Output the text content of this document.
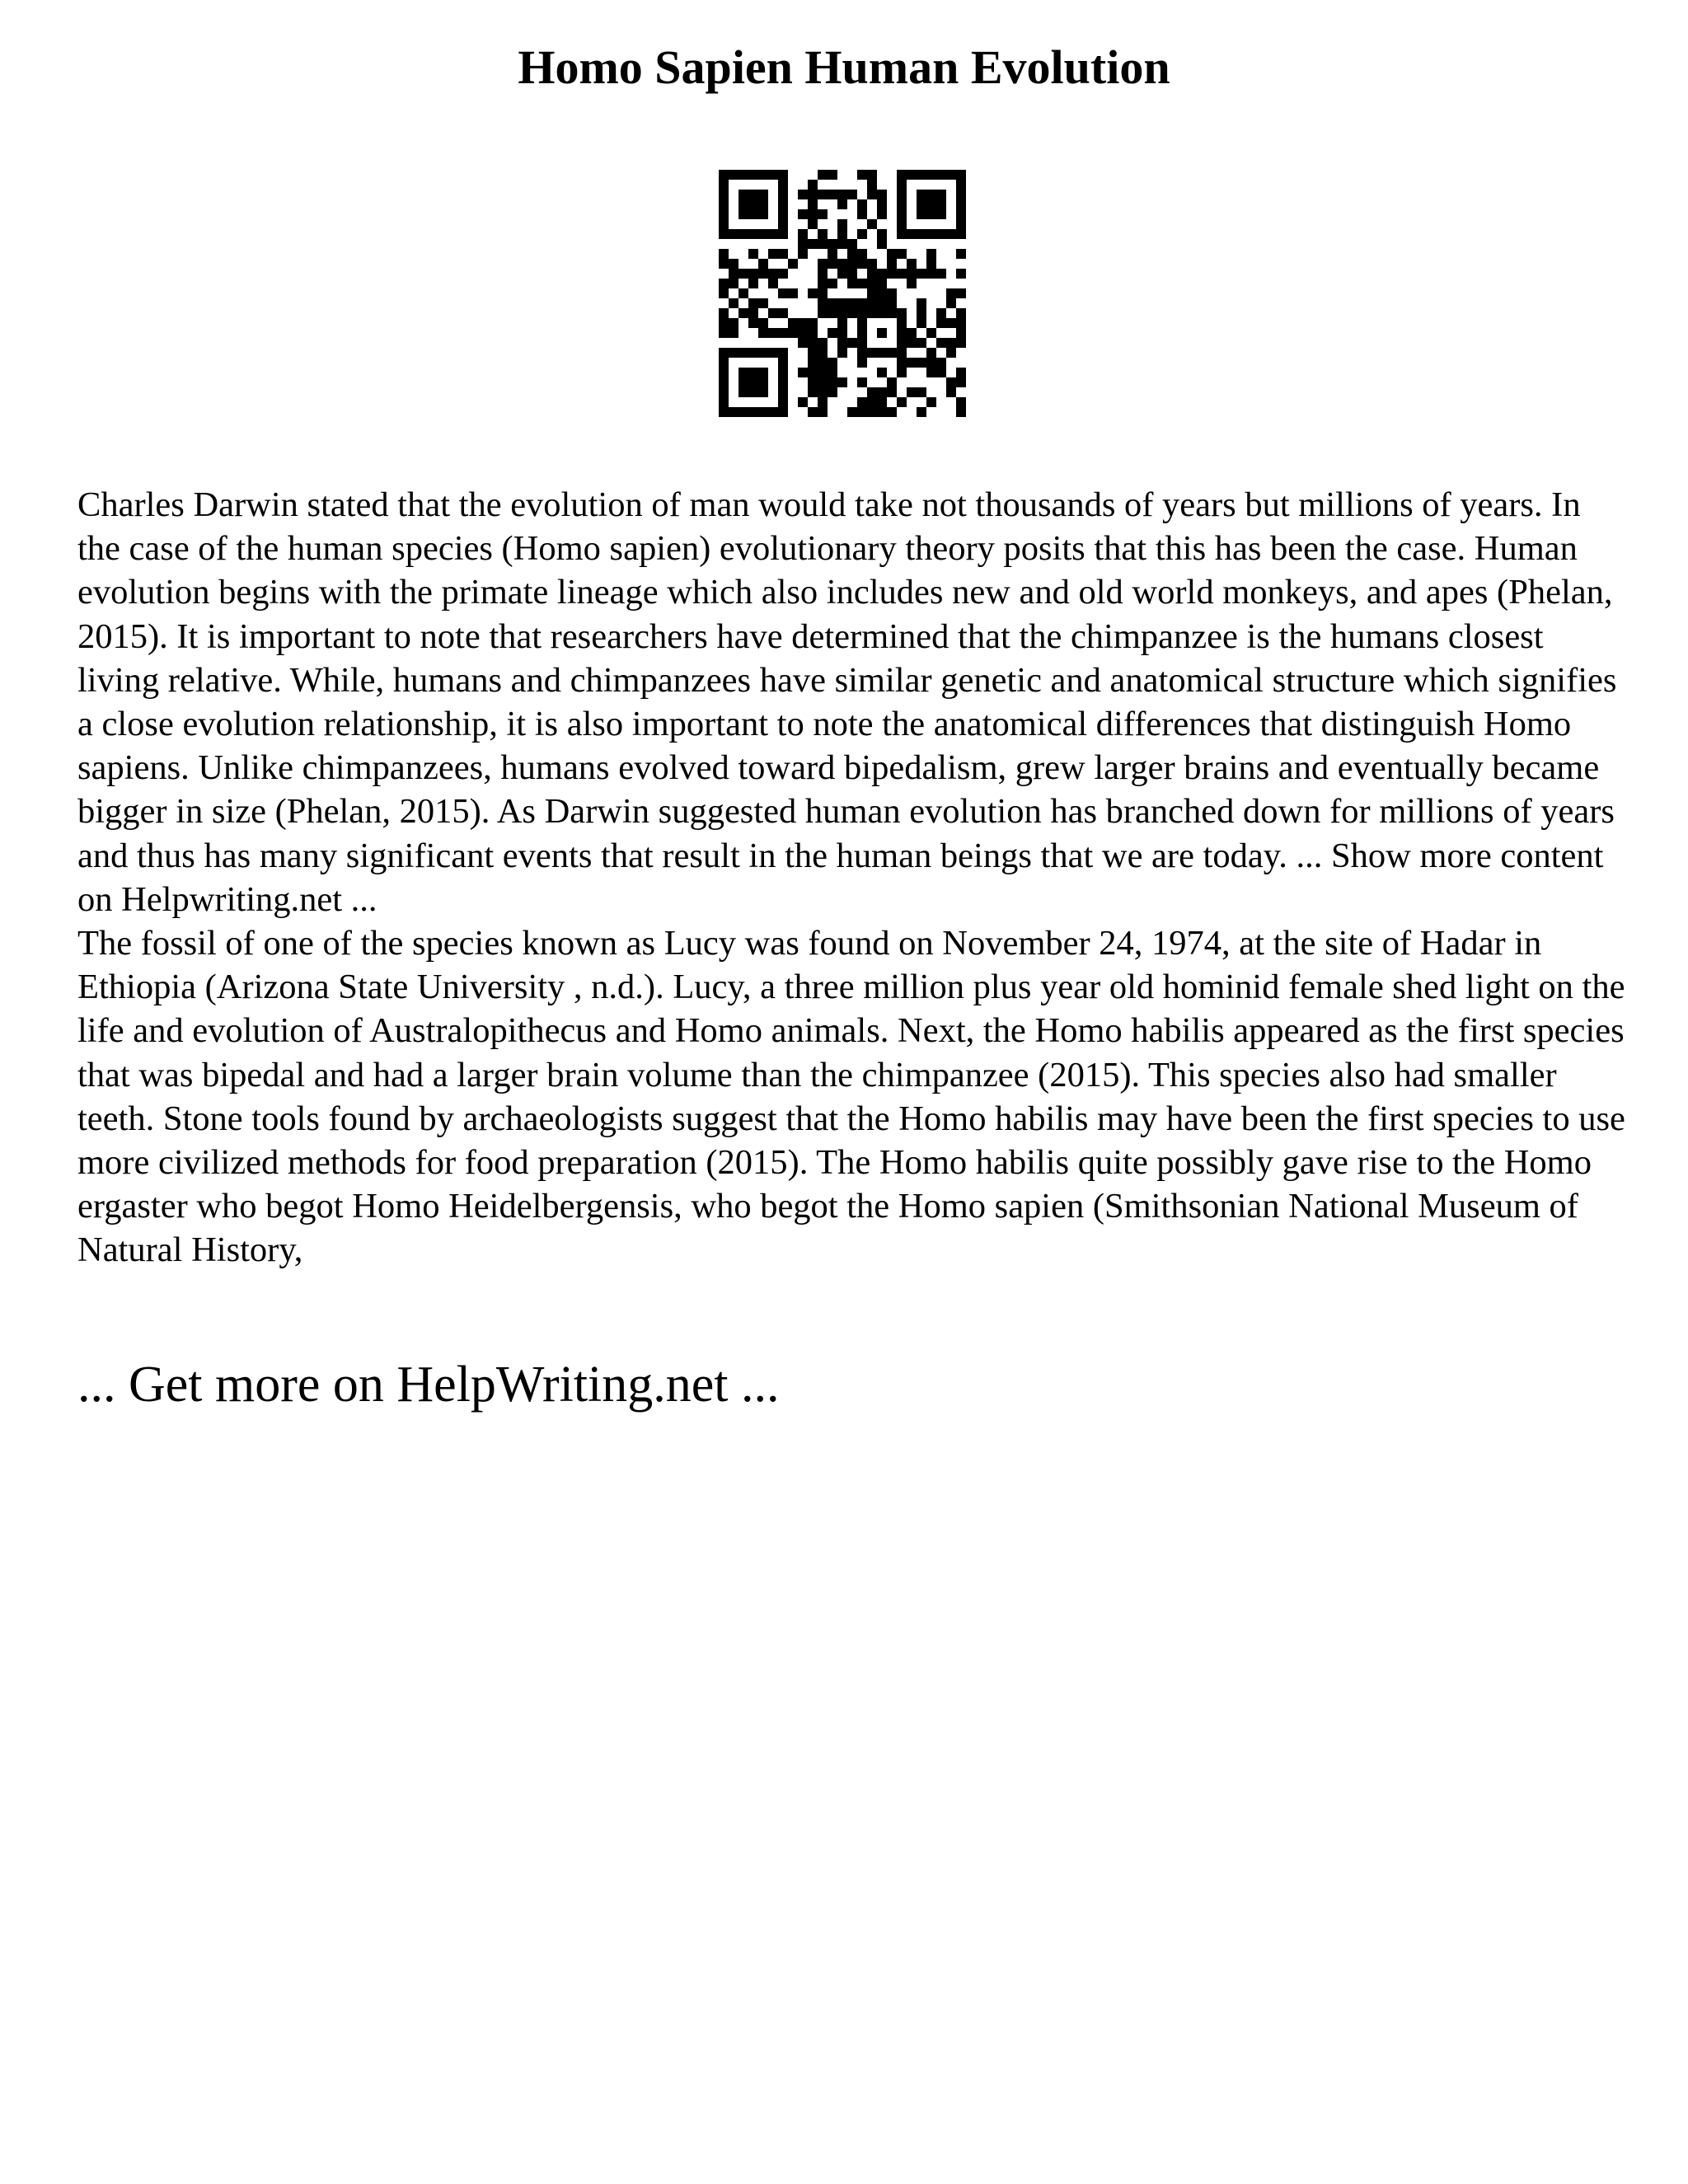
Homo Sapien Human Evolution

Charles Darwin stated that the evolution of man would take not thousands of years but millions of years. In the case of the human species (Homo sapien) evolutionary theory posits that this has been the case. Human evolution begins with the primate lineage which also includes new and old world monkeys, and apes (Phelan, 2015). It is important to note that researchers have determined that the chimpanzee is the humans closest living relative. While, humans and chimpanzees have similar genetic and anatomical structure which signifies a close evolution relationship, it is also important to note the anatomical differences that distinguish Homo sapiens. Unlike chimpanzees, humans evolved toward bipedalism, grew larger brains and eventually became bigger in size (Phelan, 2015). As Darwin suggested human evolution has branched down for millions of years and thus has many significant events that result in the human beings that we are today. ... Show more content on Helpwriting.net ...

The fossil of one of the species known as Lucy was found on November 24, 1974, at the site of Hadar in Ethiopia (Arizona State University , n.d.). Lucy, a three million plus year old hominid female shed light on the life and evolution of Australopithecus and Homo animals. Next, the Homo habilis appeared as the first species that was bipedal and had a larger brain volume than the chimpanzee (2015). This species also had smaller teeth. Stone tools found by archaeologists suggest that the Homo habilis may have been the first species to use more civilized methods for food preparation (2015). The Homo habilis quite possibly gave rise to the Homo ergaster who begot Homo Heidelbergensis, who begot the Homo sapien (Smithsonian National Museum of Natural History,

... Get more on HelpWriting.net ...
